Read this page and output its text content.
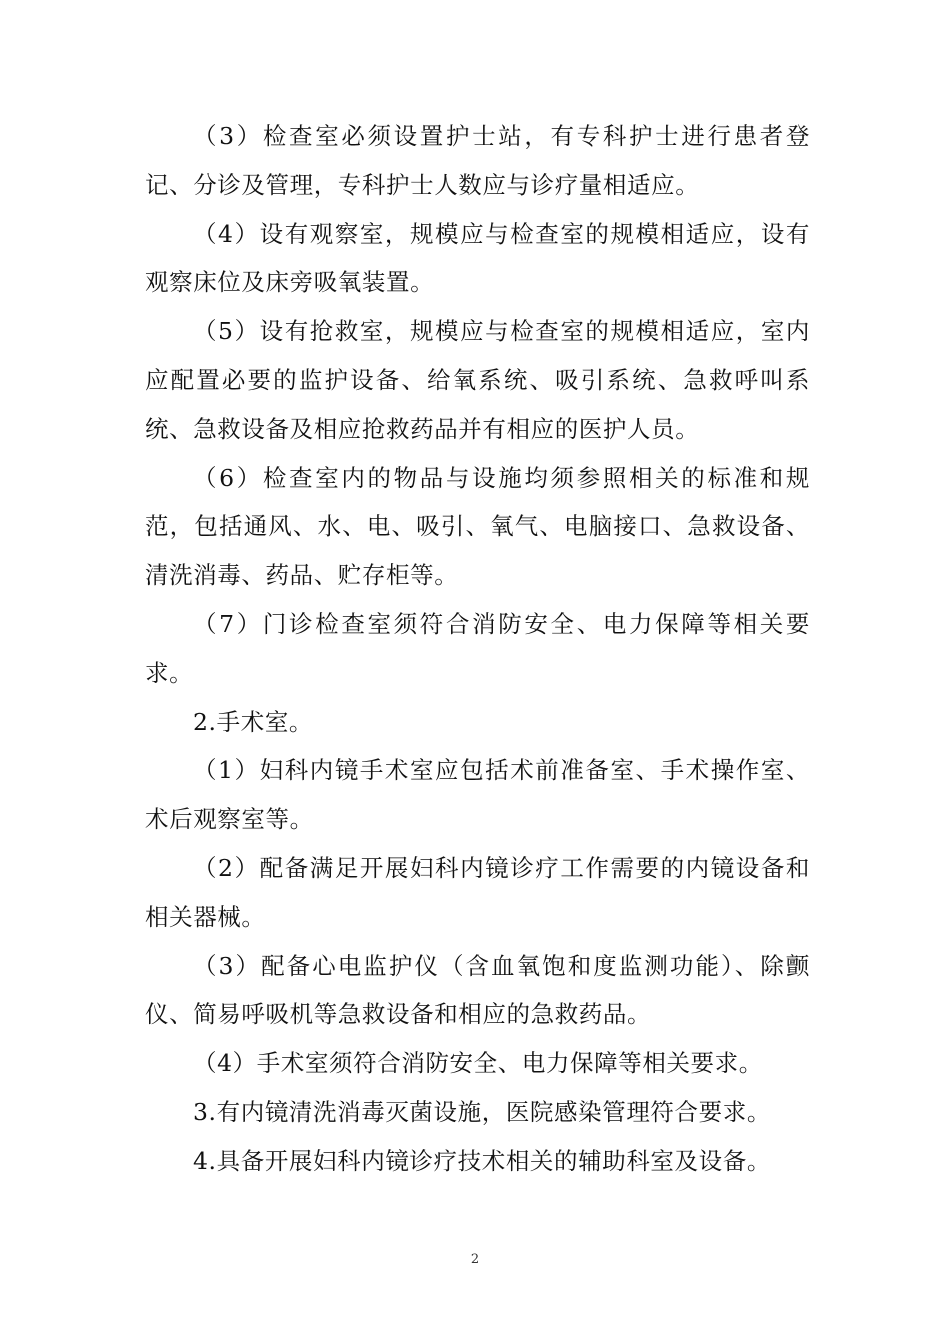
（3）检查室必须设置护士站，有专科护士进行患者登记、分诊及管理，专科护士人数应与诊疗量相适应。

（4）设有观察室，规模应与检查室的规模相适应，设有观察床位及床旁吸氧装置。

（5）设有抢救室，规模应与检查室的规模相适应，室内应配置必要的监护设备、给氧系统、吸引系统、急救呼叫系统、急救设备及相应抢救药品并有相应的医护人员。

（6）检查室内的物品与设施均须参照相关的标准和规范，包括通风、水、电、吸引、氧气、电脑接口、急救设备、清洗消毒、药品、贮存柜等。

（7）门诊检查室须符合消防安全、电力保障等相关要求。

2.手术室。

（1）妇科内镜手术室应包括术前准备室、手术操作室、术后观察室等。

（2）配备满足开展妇科内镜诊疗工作需要的内镜设备和相关器械。

（3）配备心电监护仪（含血氧饱和度监测功能）、除颤仪、简易呼吸机等急救设备和相应的急救药品。

（4）手术室须符合消防安全、电力保障等相关要求。

3.有内镜清洗消毒灭菌设施，医院感染管理符合要求。

4.具备开展妇科内镜诊疗技术相关的辅助科室及设备。

2
